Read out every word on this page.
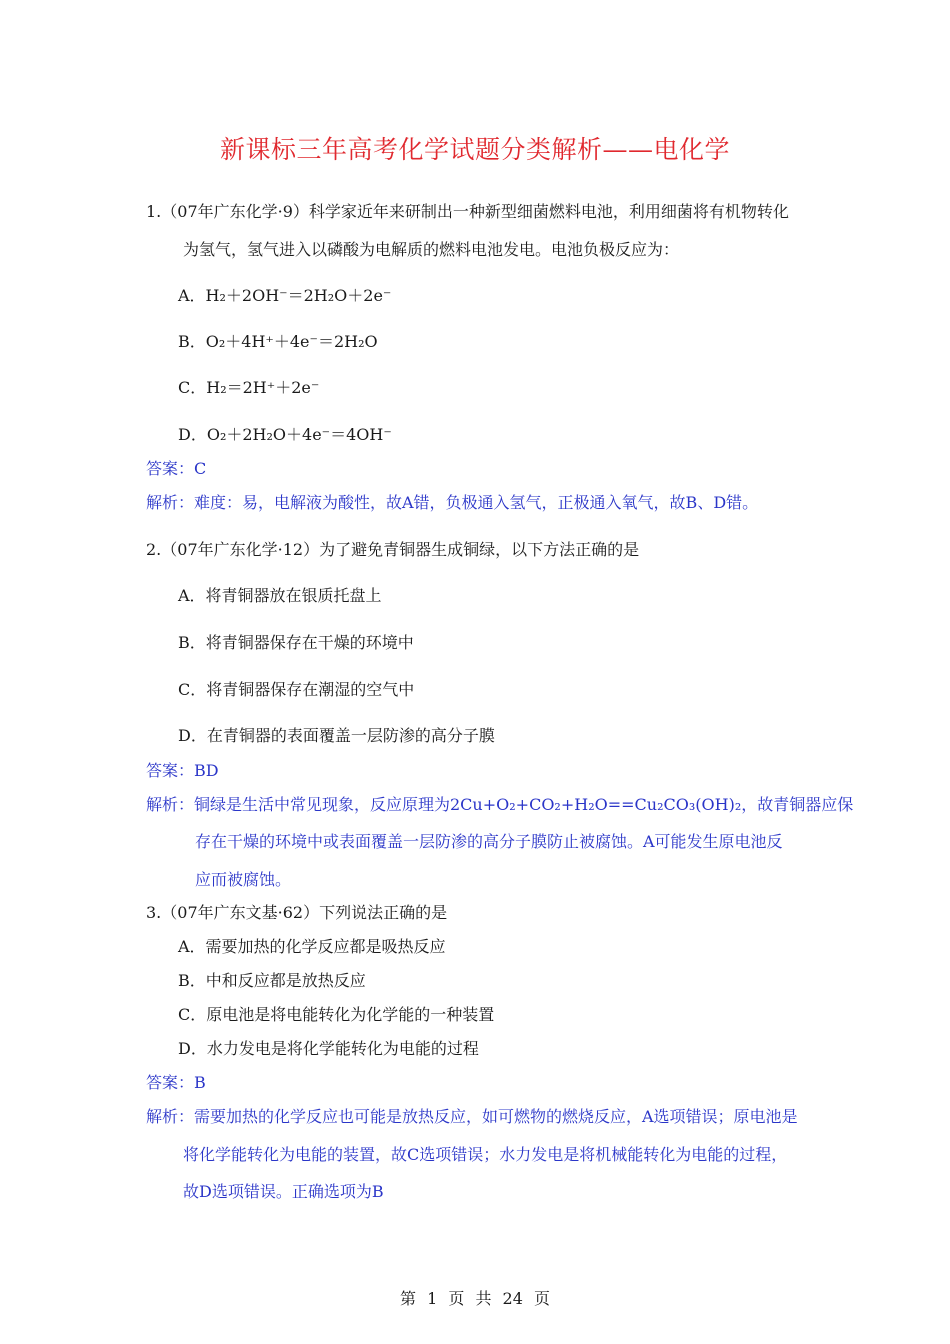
新课标三年高考化学试题分类解析——电化学
1.（07年广东化学·9）科学家近年来研制出一种新型细菌燃料电池，利用细菌将有机物转化
为氢气，氢气进入以磷酸为电解质的燃料电池发电。电池负极反应为：
A．H₂＋2OH⁻＝2H₂O＋2e⁻
B．O₂＋4H⁺＋4e⁻＝2H₂O
C．H₂＝2H⁺＋2e⁻
D．O₂＋2H₂O＋4e⁻＝4OH⁻
答案：C
解析：难度：易，电解液为酸性，故A错，负极通入氢气，正极通入氧气，故B、D错。
2.（07年广东化学·12）为了避免青铜器生成铜绿，以下方法正确的是
A．将青铜器放在银质托盘上
B．将青铜器保存在干燥的环境中
C．将青铜器保存在潮湿的空气中
D．在青铜器的表面覆盖一层防渗的高分子膜
答案：BD
解析：铜绿是生活中常见现象，反应原理为2Cu+O₂+CO₂+H₂O==Cu₂CO₃(OH)₂，故青铜器应保
存在干燥的环境中或表面覆盖一层防渗的高分子膜防止被腐蚀。A可能发生原电池反
应而被腐蚀。
3.（07年广东文基·62）下列说法正确的是
A．需要加热的化学反应都是吸热反应
B．中和反应都是放热反应
C．原电池是将电能转化为化学能的一种装置
D．水力发电是将化学能转化为电能的过程
答案：B
解析：需要加热的化学反应也可能是放热反应，如可燃物的燃烧反应，A选项错误；原电池是
将化学能转化为电能的装置，故C选项错误；水力发电是将机械能转化为电能的过程，
故D选项错误。正确选项为B
第 1 页 共 24 页
